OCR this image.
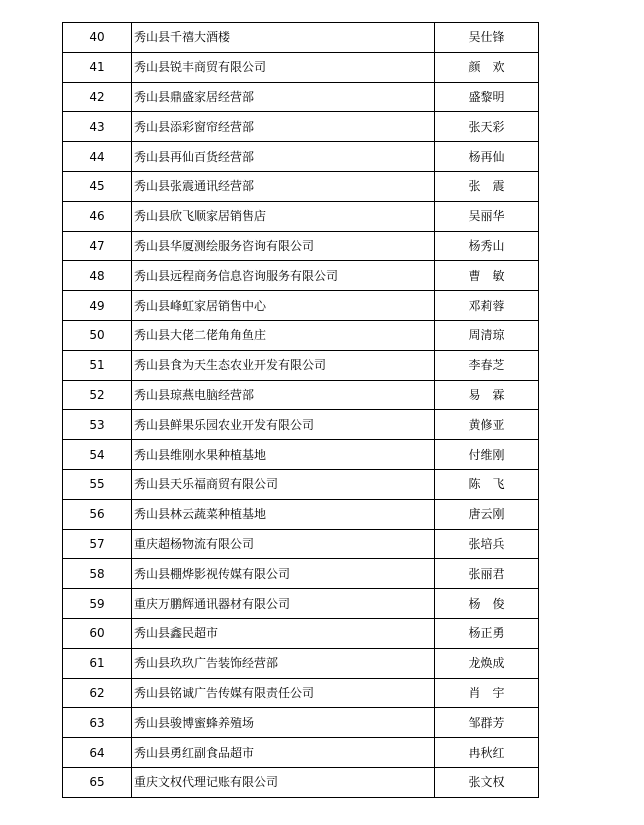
40	秀山县千禧大酒楼	吴仕锋
41	秀山县锐丰商贸有限公司	颜　欢
42	秀山县鼎盛家居经营部	盛黎明
43	秀山县添彩窗帘经营部	张天彩
44	秀山县再仙百货经营部	杨再仙
45	秀山县张震通讯经营部	张　震
46	秀山县欣飞顺家居销售店	吴丽华
47	秀山县华厦测绘服务咨询有限公司	杨秀山
48	秀山县远程商务信息咨询服务有限公司	曹　敏
49	秀山县峰虹家居销售中心	邓莉蓉
50	秀山县大佬二佬角角鱼庄	周清琼
51	秀山县食为天生态农业开发有限公司	李春芝
52	秀山县琼燕电脑经营部	易　霖
53	秀山县鲜果乐园农业开发有限公司	黄修亚
54	秀山县维刚水果种植基地	付维刚
55	秀山县天乐福商贸有限公司	陈　飞
56	秀山县林云蔬菜种植基地	唐云刚
57	重庆超杨物流有限公司	张培兵
58	秀山县棚烨影视传媒有限公司	张丽君
59	重庆万鹏辉通讯器材有限公司	杨　俊
60	秀山县鑫民超市	杨正勇
61	秀山县玖玖广告装饰经营部	龙焕成
62	秀山县铭诚广告传媒有限责任公司	肖　宇
63	秀山县骏博蜜蜂养殖场	邹群芳
64	秀山县勇红副食品超市	冉秋红
65	重庆文权代理记账有限公司	张文权
